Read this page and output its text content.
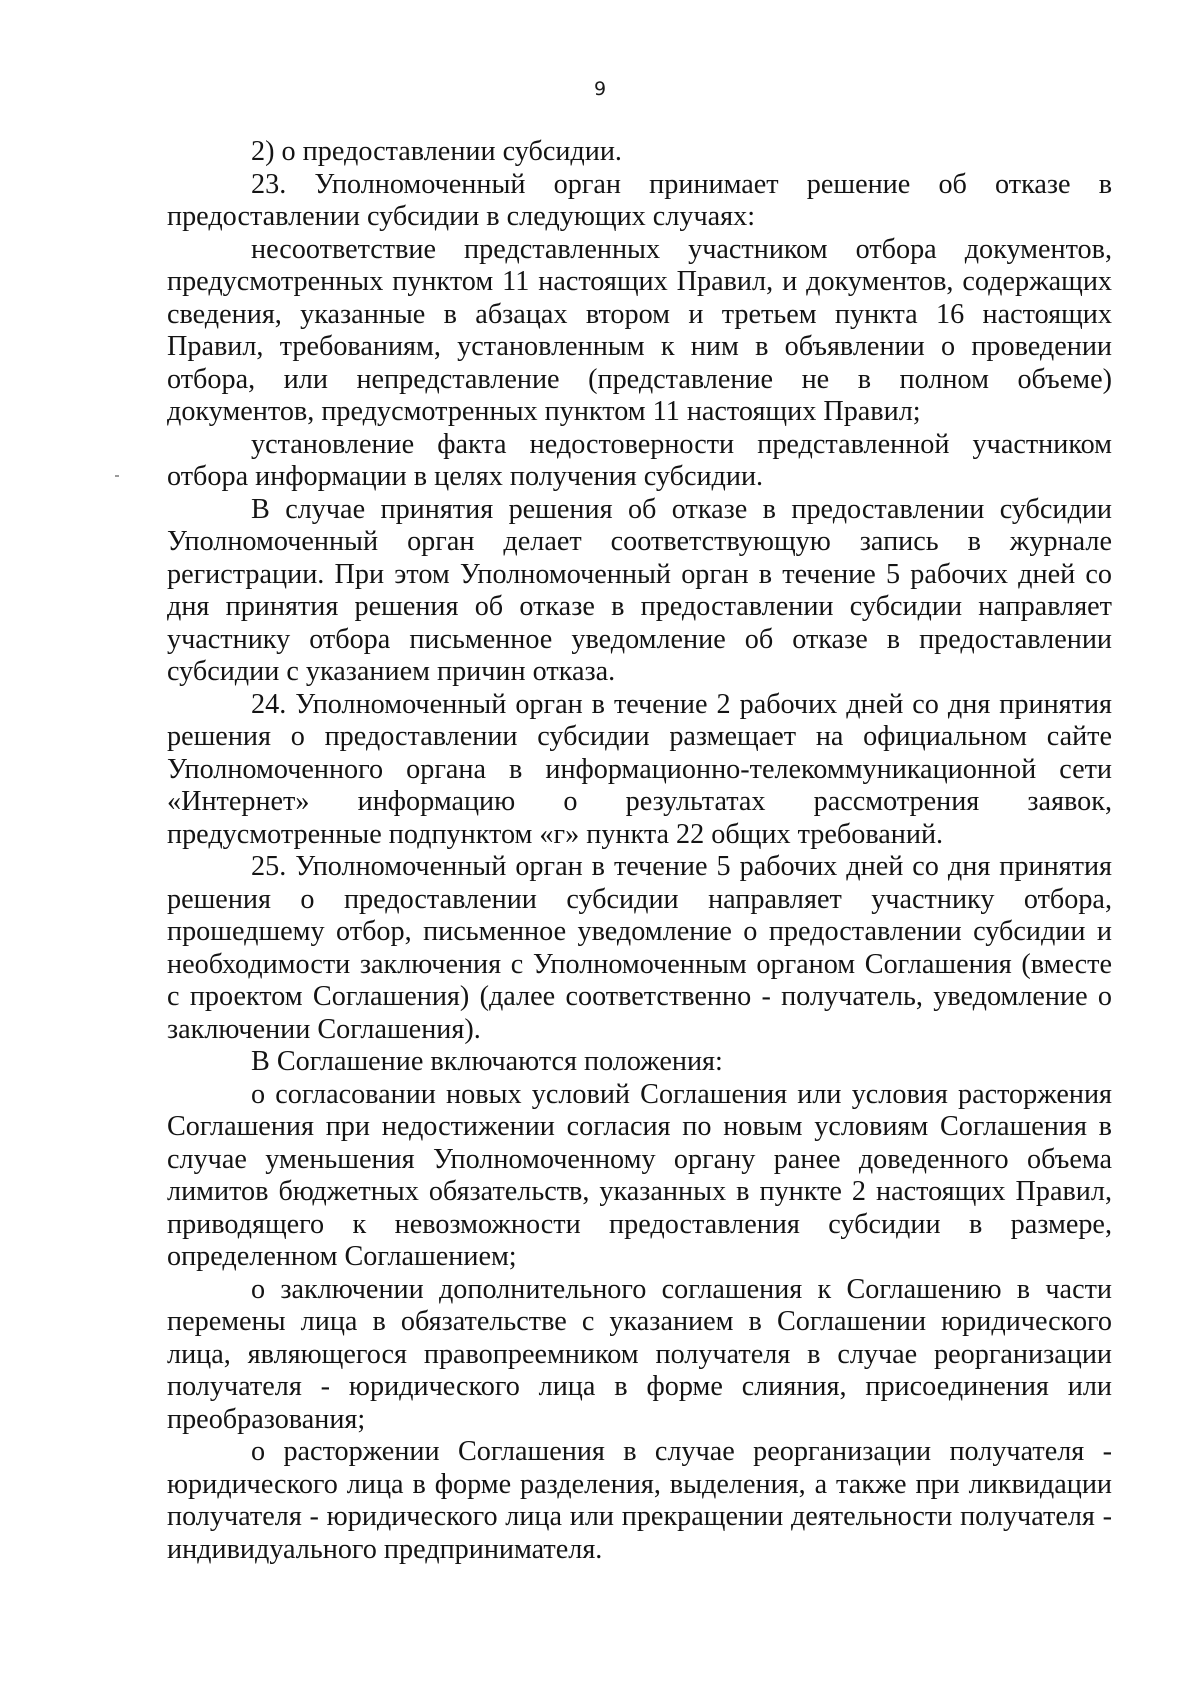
9

2) о предоставлении субсидии.

23. Уполномоченный орган принимает решение об отказе в предоставлении субсидии в следующих случаях:

несоответствие представленных участником отбора документов, предусмотренных пунктом 11 настоящих Правил, и документов, содержащих сведения, указанные в абзацах втором и третьем пункта 16 настоящих Правил, требованиям, установленным к ним в объявлении о проведении отбора, или непредставление (представление не в полном объеме) документов, предусмотренных пунктом 11 настоящих Правил;

установление факта недостоверности представленной участником отбора информации в целях получения субсидии.

В случае принятия решения об отказе в предоставлении субсидии Уполномоченный орган делает соответствующую запись в журнале регистрации. При этом Уполномоченный орган в течение 5 рабочих дней со дня принятия решения об отказе в предоставлении субсидии направляет участнику отбора письменное уведомление об отказе в предоставлении субсидии с указанием причин отказа.

24. Уполномоченный орган в течение 2 рабочих дней со дня принятия решения о предоставлении субсидии размещает на официальном сайте Уполномоченного органа в информационно-телекоммуникационной сети «Интернет» информацию о результатах рассмотрения заявок, предусмотренные подпунктом «г» пункта 22 общих требований.

25. Уполномоченный орган в течение 5 рабочих дней со дня принятия решения о предоставлении субсидии направляет участнику отбора, прошедшему отбор, письменное уведомление о предоставлении субсидии и необходимости заключения с Уполномоченным органом Соглашения (вместе с проектом Соглашения) (далее соответственно - получатель, уведомление о заключении Соглашения).

В Соглашение включаются положения:

о согласовании новых условий Соглашения или условия расторжения Соглашения при недостижении согласия по новым условиям Соглашения в случае уменьшения Уполномоченному органу ранее доведенного объема лимитов бюджетных обязательств, указанных в пункте 2 настоящих Правил, приводящего к невозможности предоставления субсидии в размере, определенном Соглашением;

о заключении дополнительного соглашения к Соглашению в части перемены лица в обязательстве с указанием в Соглашении юридического лица, являющегося правопреемником получателя в случае реорганизации получателя - юридического лица в форме слияния, присоединения или преобразования;

о расторжении Соглашения в случае реорганизации получателя - юридического лица в форме разделения, выделения, а также при ликвидации получателя - юридического лица или прекращении деятельности получателя - индивидуального предпринимателя.
